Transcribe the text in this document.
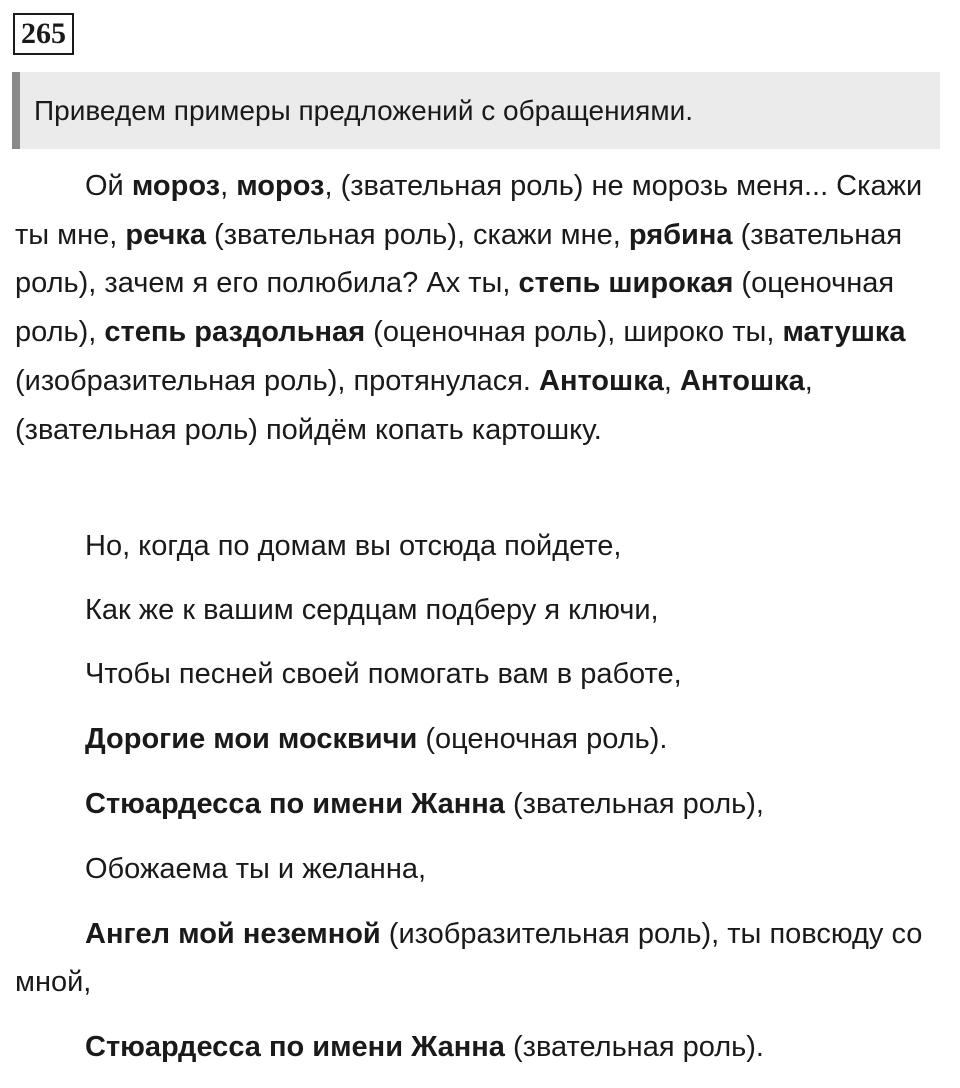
265
Приведем примеры предложений с обращениями.
Ой мороз, мороз, (звательная роль) не морозь меня... Скажи ты мне, речка (звательная роль), скажи мне, рябина (звательная роль), зачем я его полюбила? Ах ты, степь широкая (оценочная роль), степь раздольная (оценочная роль), широко ты, матушка (изобразительная роль), протянулася. Антошка, Антошка, (звательная роль) пойдём копать картошку.
Но, когда по домам вы отсюда пойдете,
Как же к вашим сердцам подберу я ключи,
Чтобы песней своей помогать вам в работе,
Дорогие мои москвичи (оценочная роль).
Стюардесса по имени Жанна (звательная роль),
Обожаема ты и желанна,
Ангел мой неземной (изобразительная роль), ты повсюду со мной,
Стюардесса по имени Жанна (звательная роль).
